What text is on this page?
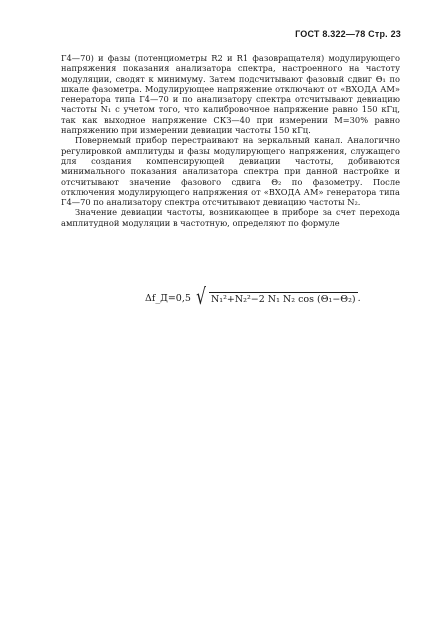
ГОСТ 8.322—78 Стр. 23

Г4—70) и фазы (потенциометры R2 и R1 фазовращателя) модулирующего напряжения показания анализатора спектра, настроенного на частоту модуляции, сводят к минимуму. Затем подсчитывают фазовый сдвиг Θ₁ по шкале фазометра. Модулирующее напряжение отключают от «ВХОДА АМ» генератора типа Г4—70 и по анализатору спектра отсчитывают девиацию частоты N₁ с учетом того, что калибровочное напряжение равно 150 кГц, так как выходное напряжение СКЗ—40 при измерении M=30% равно напряжению при измерении девиации частоты 150 кГц.

Повернемый прибор перестраивают на зеркальный канал. Аналогично регулировкой амплитуды и фазы модулирующего напряжения, служащего для создания компенсирующей девиации частоты, добиваются минимального показания анализатора спектра при данной настройке и отсчитывают значение фазового сдвига Θ₂ по фазометру. После отключения модулирующего напряжения от «ВХОДА АМ» генератора типа Г4—70 по анализатору спектра отсчитывают девиацию частоты N₂.

Значение девиации частоты, возникающее в приборе за счет перехода амплитудной модуляции в частотную, определяют по формуле

Δf_Д=0,5 √ N₁²+N₂²−2 N₁ N₂ cos (Θ₁−Θ₂) .
